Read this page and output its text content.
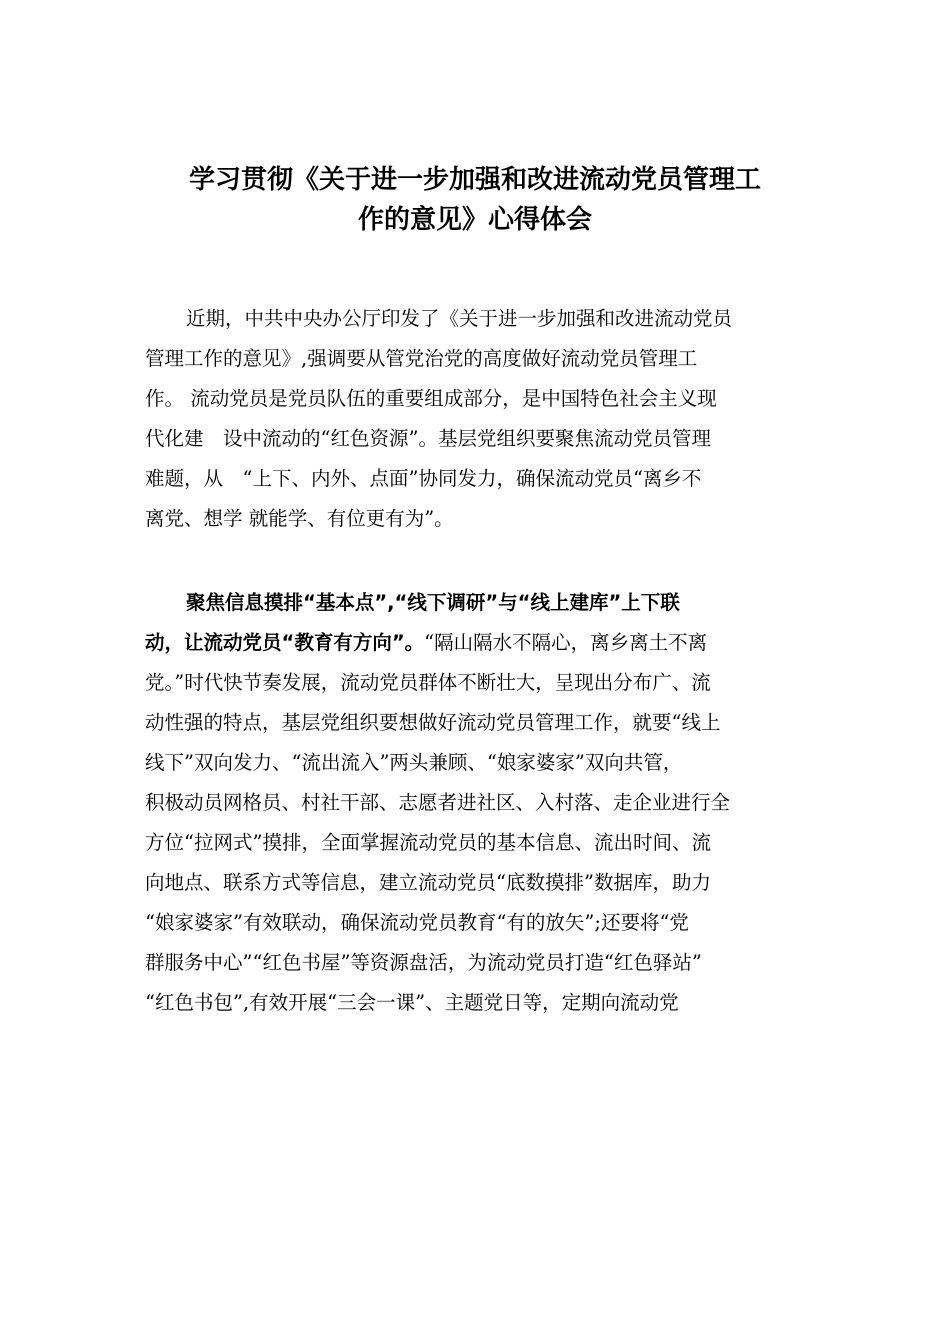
学习贯彻《关于进一步加强和改进流动党员管理工
作的意见》心得体会
近期，中共中央办公厅印发了《关于进一步加强和改进流动党员
管理工作的意见》,强调要从管党治党的高度做好流动党员管理工
作。 流动党员是党员队伍的重要组成部分，是中国特色社会主义现
代化建　设中流动的“红色资源”。基层党组织要聚焦流动党员管理
难题，从　“上下、内外、点面”协同发力，确保流动党员“离乡不
离党、想学 就能学、有位更有为”。
聚焦信息摸排“基本点”,“线下调研”与“线上建库”上下联
动，让流动党员“教育有方向”。“隔山隔水不隔心，离乡离土不离
党。”时代快节奏发展，流动党员群体不断壮大，呈现出分布广、流
动性强的特点，基层党组织要想做好流动党员管理工作，就要“线上
线下”双向发力、“流出流入”两头兼顾、“娘家婆家”双向共管，
积极动员网格员、村社干部、志愿者进社区、入村落、走企业进行全
方位“拉网式”摸排，全面掌握流动党员的基本信息、流出时间、流
向地点、联系方式等信息，建立流动党员“底数摸排”数据库，助力
“娘家婆家”有效联动，确保流动党员教育“有的放矢”;还要将“党
群服务中心”“红色书屋”等资源盘活，为流动党员打造“红色驿站”
“红色书包”,有效开展“三会一课”、主题党日等，定期向流动党
